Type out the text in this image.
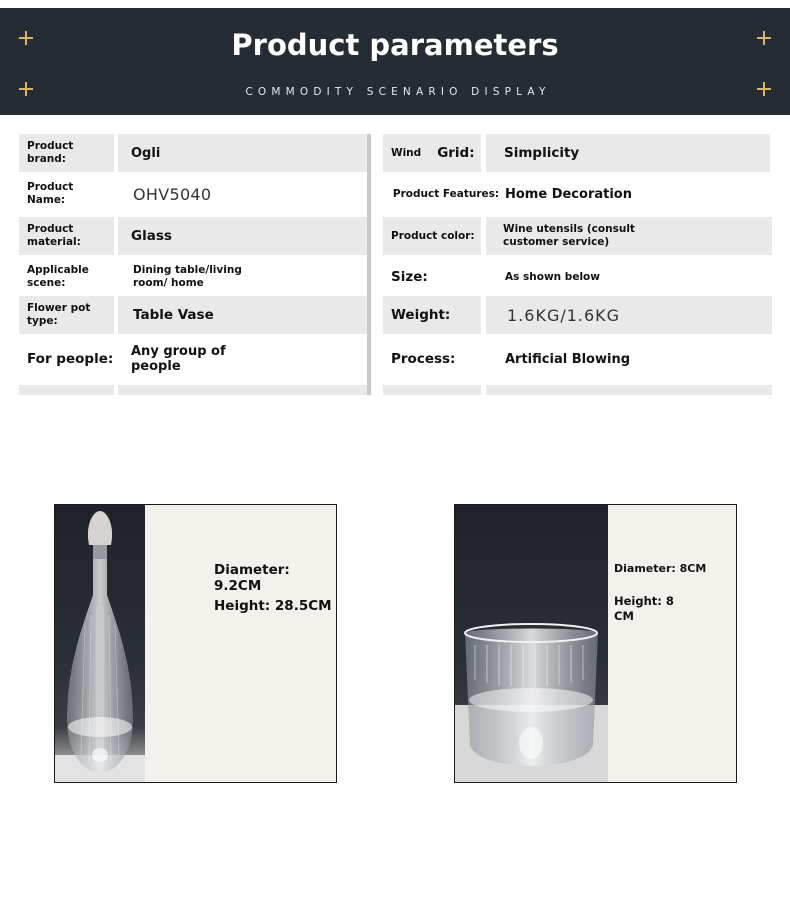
Product parameters
COMMODITY SCENARIO DISPLAY
Product brand:	Ogli	Wind Grid:	Simplicity
Product Name:	OHV5040	Product Features: Home Decoration
Product material:	Glass	Product color:
Wine utensils (consult customer service)
Applicable scene:
Dining table/living room/ home	Size:	As shown below
Flower pot type:	Table Vase	Weight:	1.6KG/1.6KG
For people:	Any group of people	Process:	Artificial Blowing
Diameter: 9.2CM
Height: 28.5CM
Diameter: 8CM
Height: 8 CM
